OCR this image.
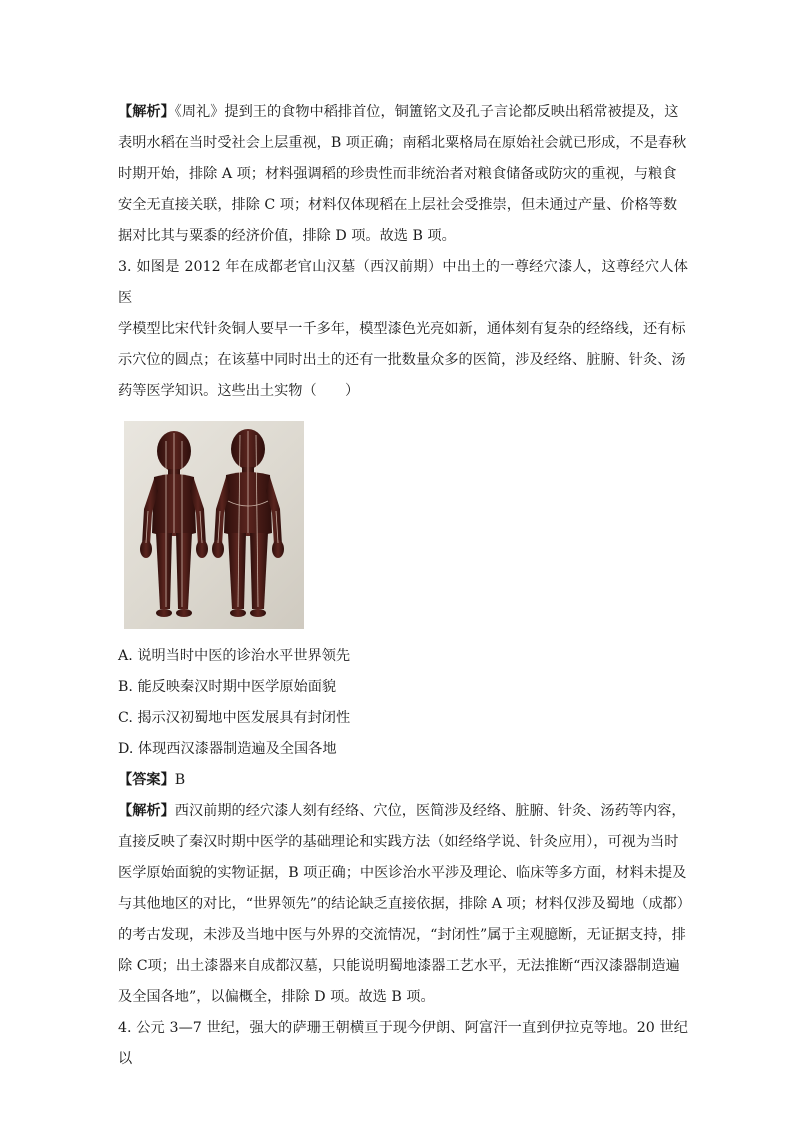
【解析】《周礼》提到王的食物中稻排首位，铜簠铭文及孔子言论都反映出稻常被提及，这

表明水稻在当时受社会上层重视，B 项正确；南稻北粟格局在原始社会就已形成，不是春秋

时期开始，排除 A 项；材料强调稻的珍贵性而非统治者对粮食储备或防灾的重视，与粮食

安全无直接关联，排除 C 项；材料仅体现稻在上层社会受推崇，但未通过产量、价格等数

据对比其与粟黍的经济价值，排除 D 项。故选 B 项。

3. 如图是 2012 年在成都老官山汉墓（西汉前期）中出土的一尊经穴漆人，这尊经穴人体医

学模型比宋代针灸铜人要早一千多年，模型漆色光亮如新，通体刻有复杂的经络线，还有标

示穴位的圆点；在该墓中同时出土的还有一批数量众多的医简，涉及经络、脏腑、针灸、汤

药等医学知识。这些出土实物（　　）

A. 说明当时中医的诊治水平世界领先

B. 能反映秦汉时期中医学原始面貌

C. 揭示汉初蜀地中医发展具有封闭性

D. 体现西汉漆器制造遍及全国各地

【答案】B

【解析】西汉前期的经穴漆人刻有经络、穴位，医简涉及经络、脏腑、针灸、汤药等内容，

直接反映了秦汉时期中医学的基础理论和实践方法（如经络学说、针灸应用），可视为当时

医学原始面貌的实物证据，B 项正确；中医诊治水平涉及理论、临床等多方面，材料未提及

与其他地区的对比，“世界领先”的结论缺乏直接依据，排除 A 项；材料仅涉及蜀地（成都）

的考古发现，未涉及当地中医与外界的交流情况，“封闭性”属于主观臆断，无证据支持，排

除 C项；出土漆器来自成都汉墓，只能说明蜀地漆器工艺水平，无法推断“西汉漆器制造遍

及全国各地”，以偏概全，排除 D 项。故选 B 项。

4. 公元 3—7 世纪，强大的萨珊王朝横亘于现今伊朗、阿富汗一直到伊拉克等地。20 世纪以
